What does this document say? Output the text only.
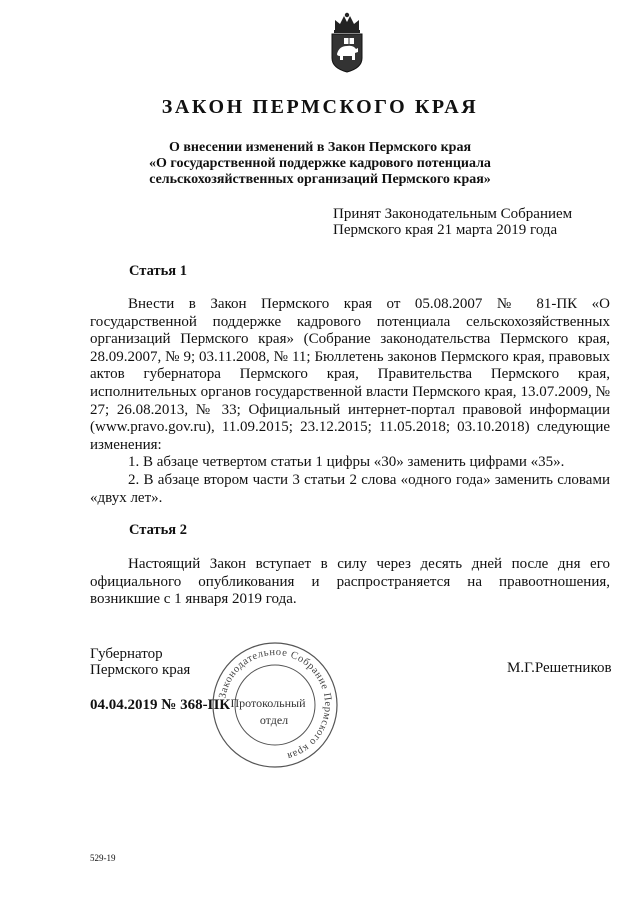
ЗАКОН ПЕРМСКОГО КРАЯ
О внесении изменений в Закон Пермского края
«О государственной поддержке кадрового потенциала
сельскохозяйственных организаций Пермского края»
Принят Законодательным Собранием
Пермского края 21 марта 2019 года
Статья 1

Внести в Закон Пермского края от 05.08.2007 № 81-ПК «О государственной поддержке кадрового потенциала сельскохозяйственных организаций Пермского края» (Собрание законодательства Пермского края, 28.09.2007, № 9; 03.11.2008, № 11; Бюллетень законов Пермского края, правовых актов губернатора Пермского края, Правительства Пермского края, исполнительных органов государственной власти Пермского края, 13.07.2009, № 27; 26.08.2013, № 33; Официальный интернет-портал правовой информации (www.pravo.gov.ru), 11.09.2015; 23.12.2015; 11.05.2018; 03.10.2018) следующие изменения:

1. В абзаце четвертом статьи 1 цифры «30» заменить цифрами «35».

2. В абзаце втором части 3 статьи 2 слова «одного года» заменить словами «двух лет».

Статья 2

Настоящий Закон вступает в силу через десять дней после дня его официального опубликования и распространяется на правоотношения, возникшие с 1 января 2019 года.

Губернатор
Пермского края	М.Г.Решетников
04.04.2019 № 368-ПК
Законодательное Собрание Пермского края
Протокольный
отдел
529-19
